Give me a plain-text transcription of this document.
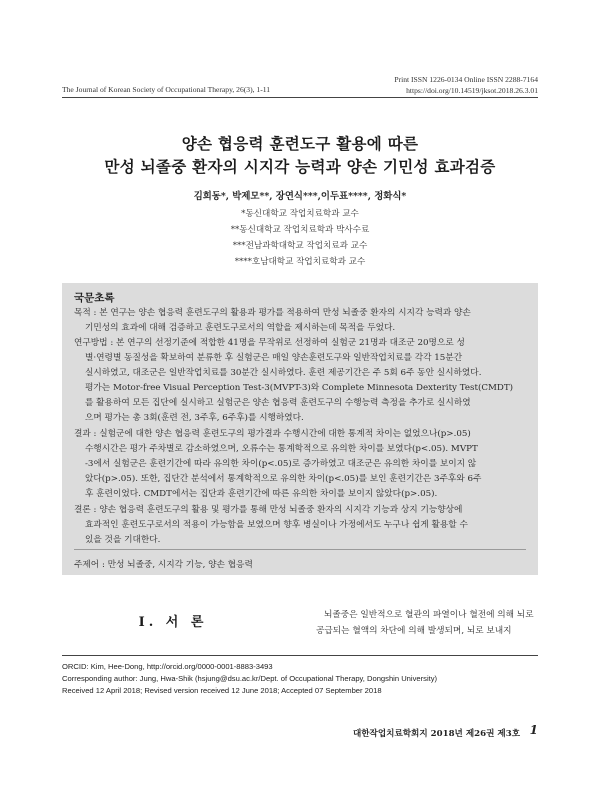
Print ISSN 1226-0134 Online ISSN 2288-7164
https://doi.org/10.14519/jksot.2018.26.3.01
The Journal of Korean Society of Occupational Therapy, 26(3), 1-11
양손 협응력 훈련도구 활용에 따른
만성 뇌졸중 환자의 시지각 능력과 양손 기민성 효과검증
김희동*, 박제모**, 장연식***,이두표****, 정화식*
*동신대학교 작업치료학과 교수
**동신대학교 작업치료학과 박사수료
***전남과학대학교 작업치료과 교수
****호남대학교 작업치료학과 교수
국문초록
목적 : 본 연구는 양손 협응력 훈련도구의 활용과 평가를 적용하여 만성 뇌졸중 환자의 시지각 능력과 양손

기민성의 효과에 대해 검증하고 훈련도구로서의 역할을 제시하는데 목적을 두었다.
연구방법 : 본 연구의 선정기준에 적합한 41명을 무작위로 선정하여 실험군 21명과 대조군 20명으로 성

별·연령별 동질성을 확보하여 분류한 후 실험군은 매일 양손훈련도구와 일반작업치료를 각각 15분간
실시하였고, 대조군은 일반작업치료를 30분간 실시하였다. 훈련 제공기간은 주 5회 6주 동안 실시하였다.
평가는 Motor-free Visual Perception Test-3(MVPT-3)와 Complete Minnesota Dexterity Test(CMDT)
를 활용하여 모든 집단에 실시하고 실험군은 양손 협응력 훈련도구의 수행능력 측정을 추가로 실시하였
으며 평가는 총 3회(훈련 전, 3주후, 6주후)를 시행하였다.
결과 : 실험군에 대한 양손 협응력 훈련도구의 평가결과 수행시간에 대한 통계적 차이는 없었으나(p>.05)

수행시간은 평가 주차별로 감소하였으며, 오류수는 통계학적으로 유의한 차이를 보였다(p<.05). MVPT
-3에서 실험군은 훈련기간에 따라 유의한 차이(p<.05)로 증가하였고 대조군은 유의한 차이를 보이지 않
았다(p>.05). 또한, 집단간 분석에서 통계학적으로 유의한 차이(p<.05)를 보인 훈련기간은 3주후와 6주
후 훈련이었다. CMDT에서는 집단과 훈련기간에 따른 유의한 차이를 보이지 않았다(p>.05).
결론 : 양손 협응력 훈련도구의 활용 및 평가를 통해 만성 뇌졸중 환자의 시지각 기능과 상지 기능향상에

효과적인 훈련도구로서의 적용이 가능함을 보였으며 향후 병실이나 가정에서도 누구나 쉽게 활용할 수
있을 것을 기대한다.
주제어 : 만성 뇌졸중, 시지각 기능, 양손 협응력
Ⅰ. 서 론	뇌졸중은 일반적으로 혈관의 파열이나 혈전에 의해 뇌로 공급되는 혈액의 차단에 의해 발생되며, 뇌로 보내지
ORCID: Kim, Hee-Dong, http://orcid.org/0000-0001-8883-3493
Corresponding author: Jung, Hwa-Shik (hsjung@dsu.ac.kr/Dept. of Occupational Therapy, Dongshin University)
Received 12 April 2018; Revised version received 12 June 2018; Accepted 07 September 2018
대한작업치료학회지 2018년 제26권 제3호 1
